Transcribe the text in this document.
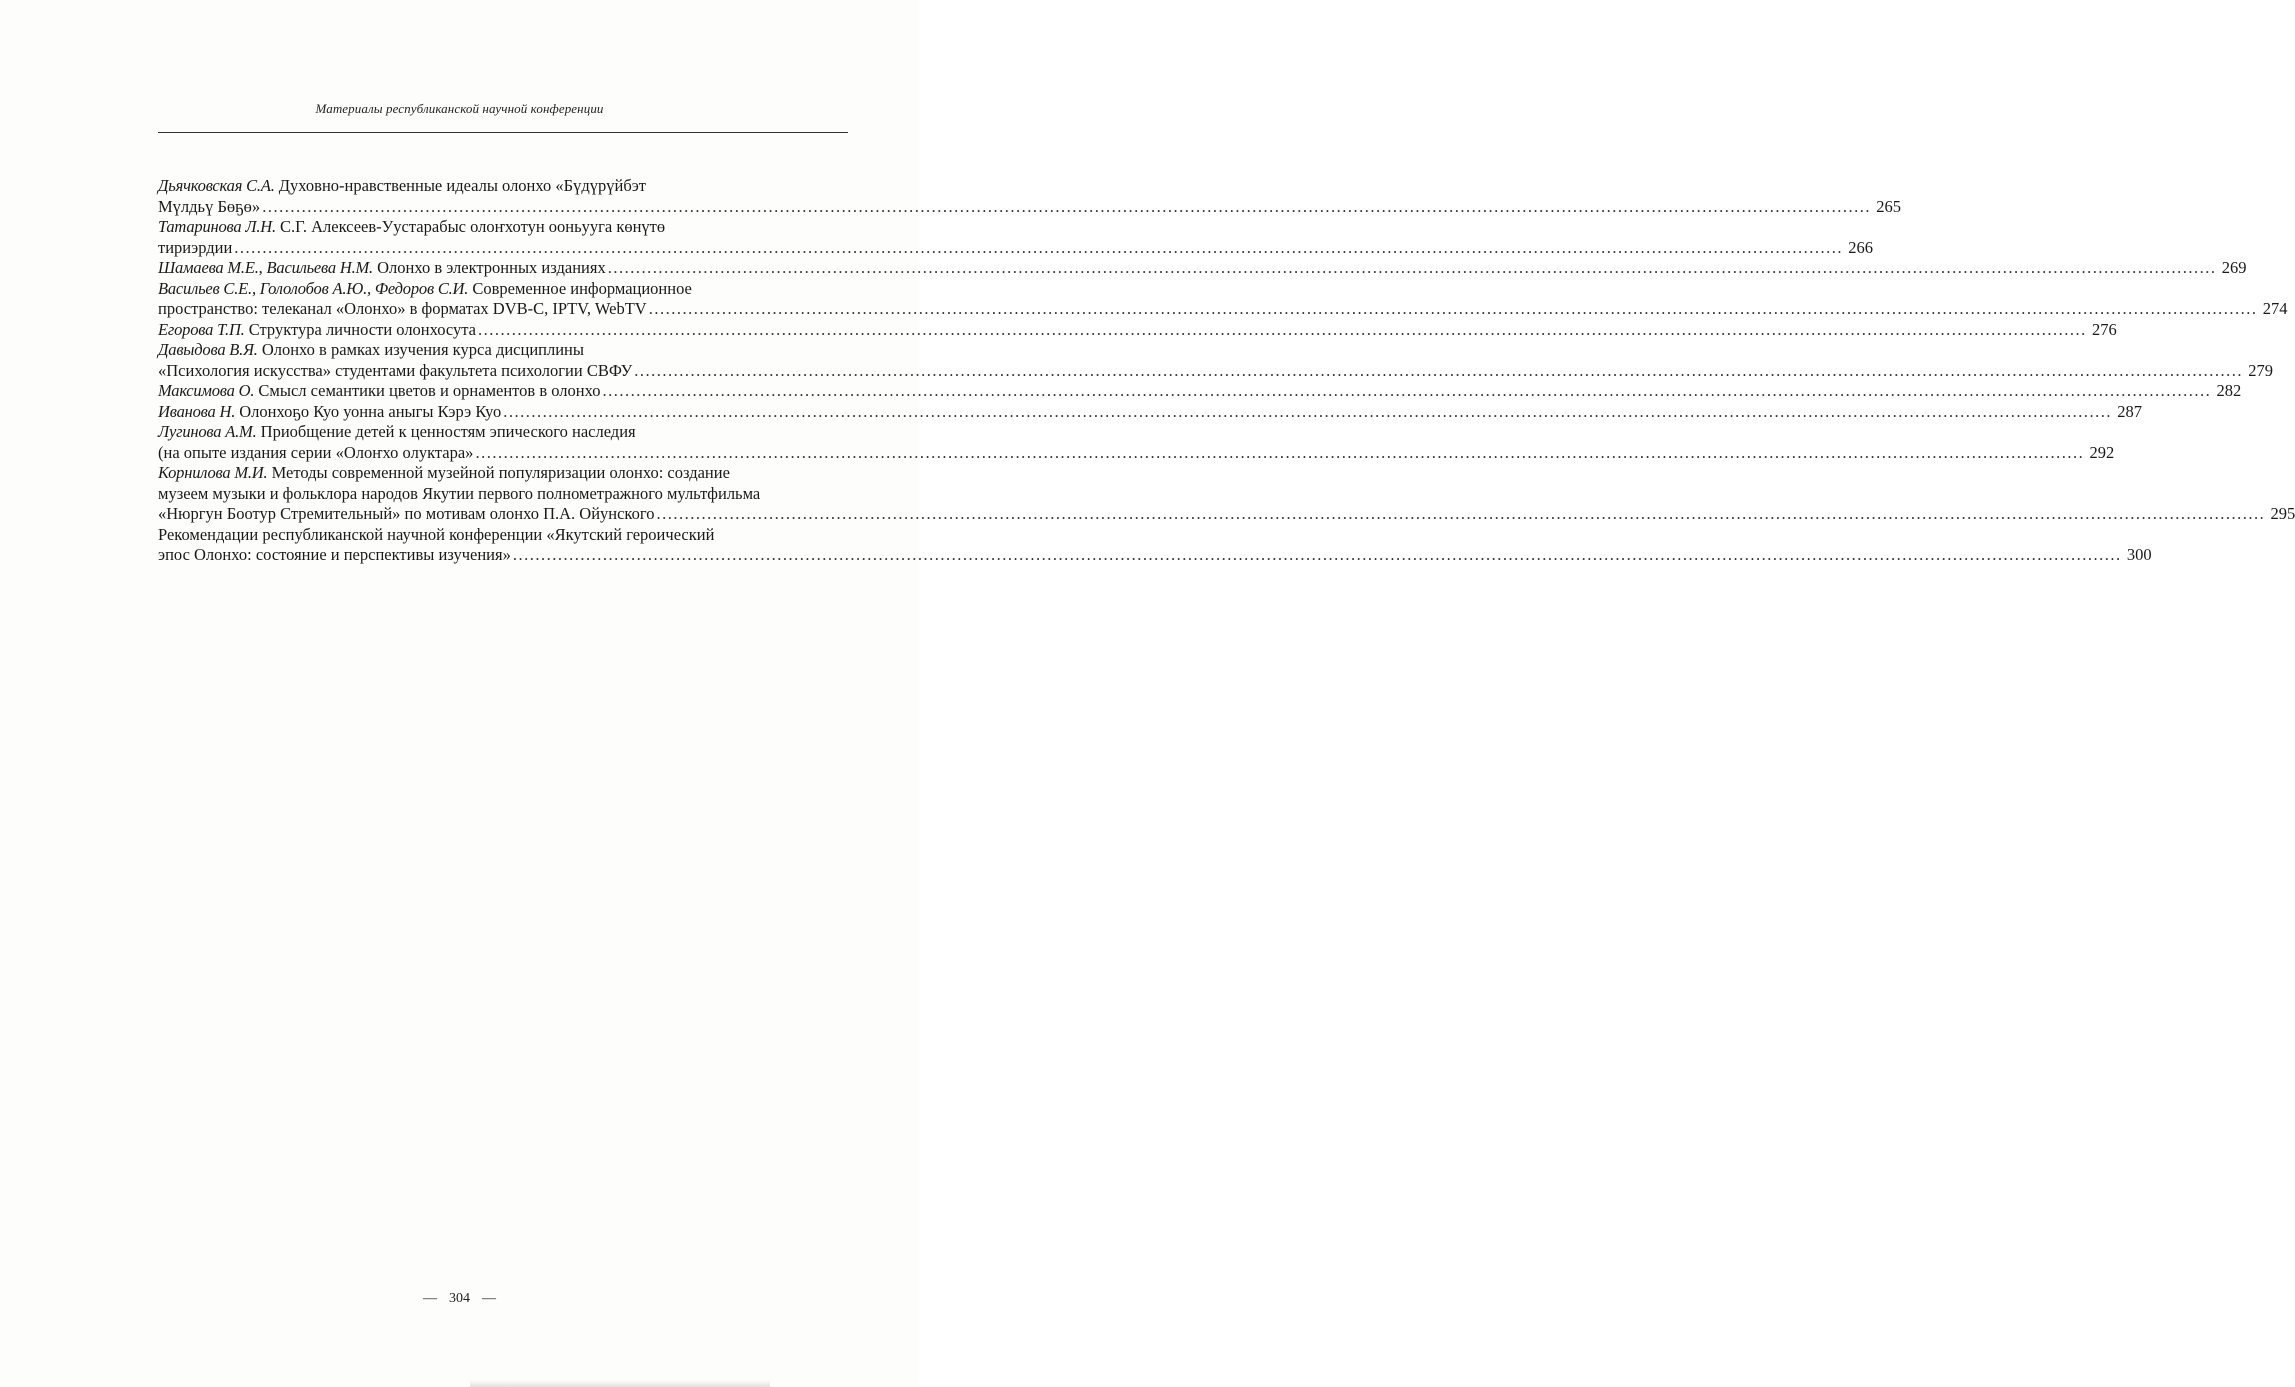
Материалы республиканской научной конференции
Дьячковская С.А. Духовно-нравственные идеалы олонхо «Бүдүрүйбэт
Мүлдьү Бөҕө» .....	265
Татаринова Л.Н. С.Г. Алексеев-Уустарабыс олоҥхотун ооньууга көнүтө
тириэрдии .....	266
Шамаева М.Е., Васильева Н.М. Олонхо в электронных изданиях .....	269
Васильев С.Е., Гололобов А.Ю., Федоров С.И. Современное информационное
пространство: телеканал «Олонхо» в форматах DVB-C, IPTV, WebTV .....	274
Егорова Т.П. Структура личности олонхосута .....	276
Давыдова В.Я. Олонхо в рамках изучения курса дисциплины
«Психология искусства» студентами факультета психологии СВФУ .....	279
Максимова О. Смысл семантики цветов и орнаментов в олонхо .....	282
Иванова Н. Олонхоҕо Куо уонна аныгы Кэрэ Куо .....	287
Лугинова А.М. Приобщение детей к ценностям эпического наследия
(на опыте издания серии «Олоҥхо олуктара» .....	292
Корнилова М.И. Методы современной музейной популяризации олонхо: создание
музеем музыки и фольклора народов Якутии первого полнометражного мультфильма
«Нюргун Боотур Стремительный» по мотивам олонхо П.А. Ойунского .....	295
Рекомендации республиканской научной конференции «Якутский героический
эпос Олонхо: состояние и перспективы изучения» .....	300
— 304 —
